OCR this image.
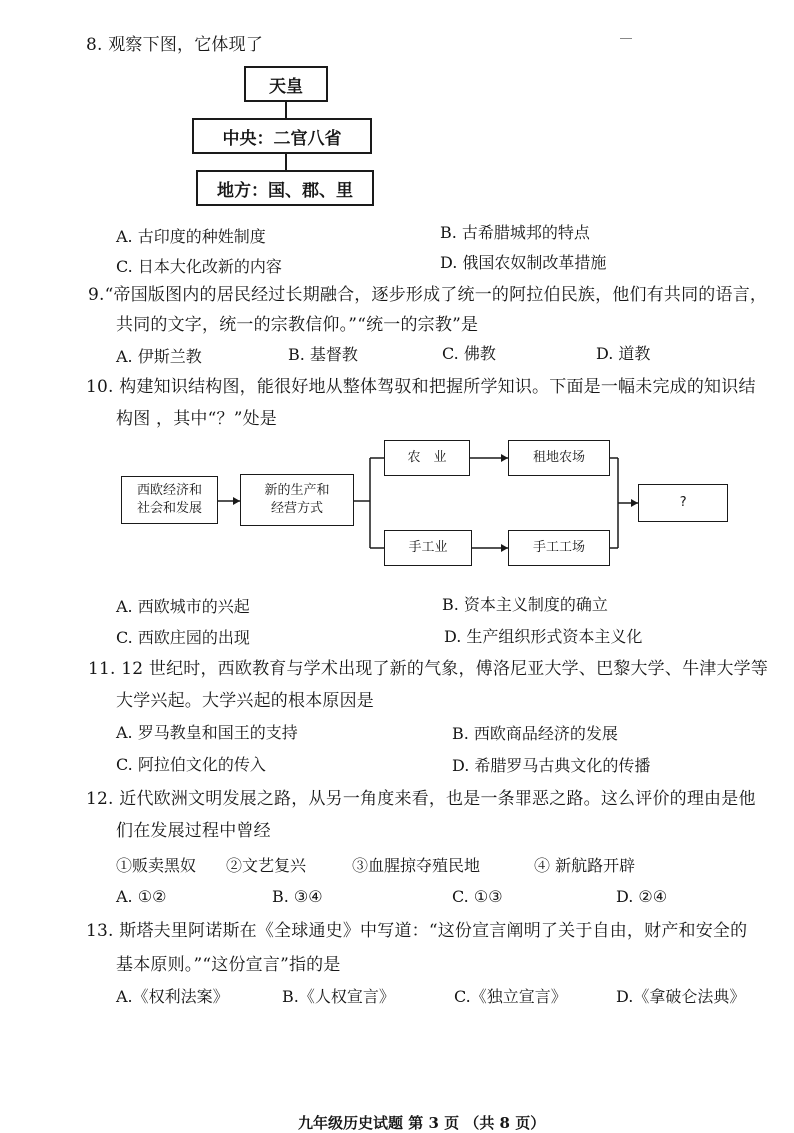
8. 观察下图，它体现了
天皇
中央：二官八省
地方：国、郡、里
A. 古印度的种姓制度	B. 古希腊城邦的特点
C. 日本大化改新的内容	D. 俄国农奴制改革措施
9.“帝国版图内的居民经过长期融合，逐步形成了统一的阿拉伯民族，他们有共同的语言，
共同的文字，统一的宗教信仰。”“统一的宗教”是
A. 伊斯兰教	B. 基督教	C. 佛教	D. 道教
10. 构建知识结构图，能很好地从整体驾驭和把握所学知识。下面是一幅未完成的知识结
构图 ，其中“？”处是
西欧经济和
社会和发展
新的生产和
经营方式
农　业	租地农场
手工业	手工工场
?
A. 西欧城市的兴起	B. 资本主义制度的确立
C. 西欧庄园的出现	D. 生产组织形式资本主义化
11. 12 世纪时，西欧教育与学术出现了新的气象，傅洛尼亚大学、巴黎大学、牛津大学等
大学兴起。大学兴起的根本原因是
A. 罗马教皇和国王的支持	B. 西欧商品经济的发展
C. 阿拉伯文化的传入	D. 希腊罗马古典文化的传播
12. 近代欧洲文明发展之路，从另一角度来看，也是一条罪恶之路。这么评价的理由是他
们在发展过程中曾经
①贩卖黑奴 ②文艺复兴	③血腥掠夺殖民地	④ 新航路开辟
A. ①②	B. ③④	C. ①③	D. ②④
13. 斯塔夫里阿诺斯在《全球通史》中写道：“这份宣言阐明了关于自由，财产和安全的
基本原则。”“这份宣言”指的是
A.《权利法案》	B.《人权宣言》	C.《独立宣言》	D.《拿破仑法典》
九年级历史试题 第 3 页 （共 8 页）
